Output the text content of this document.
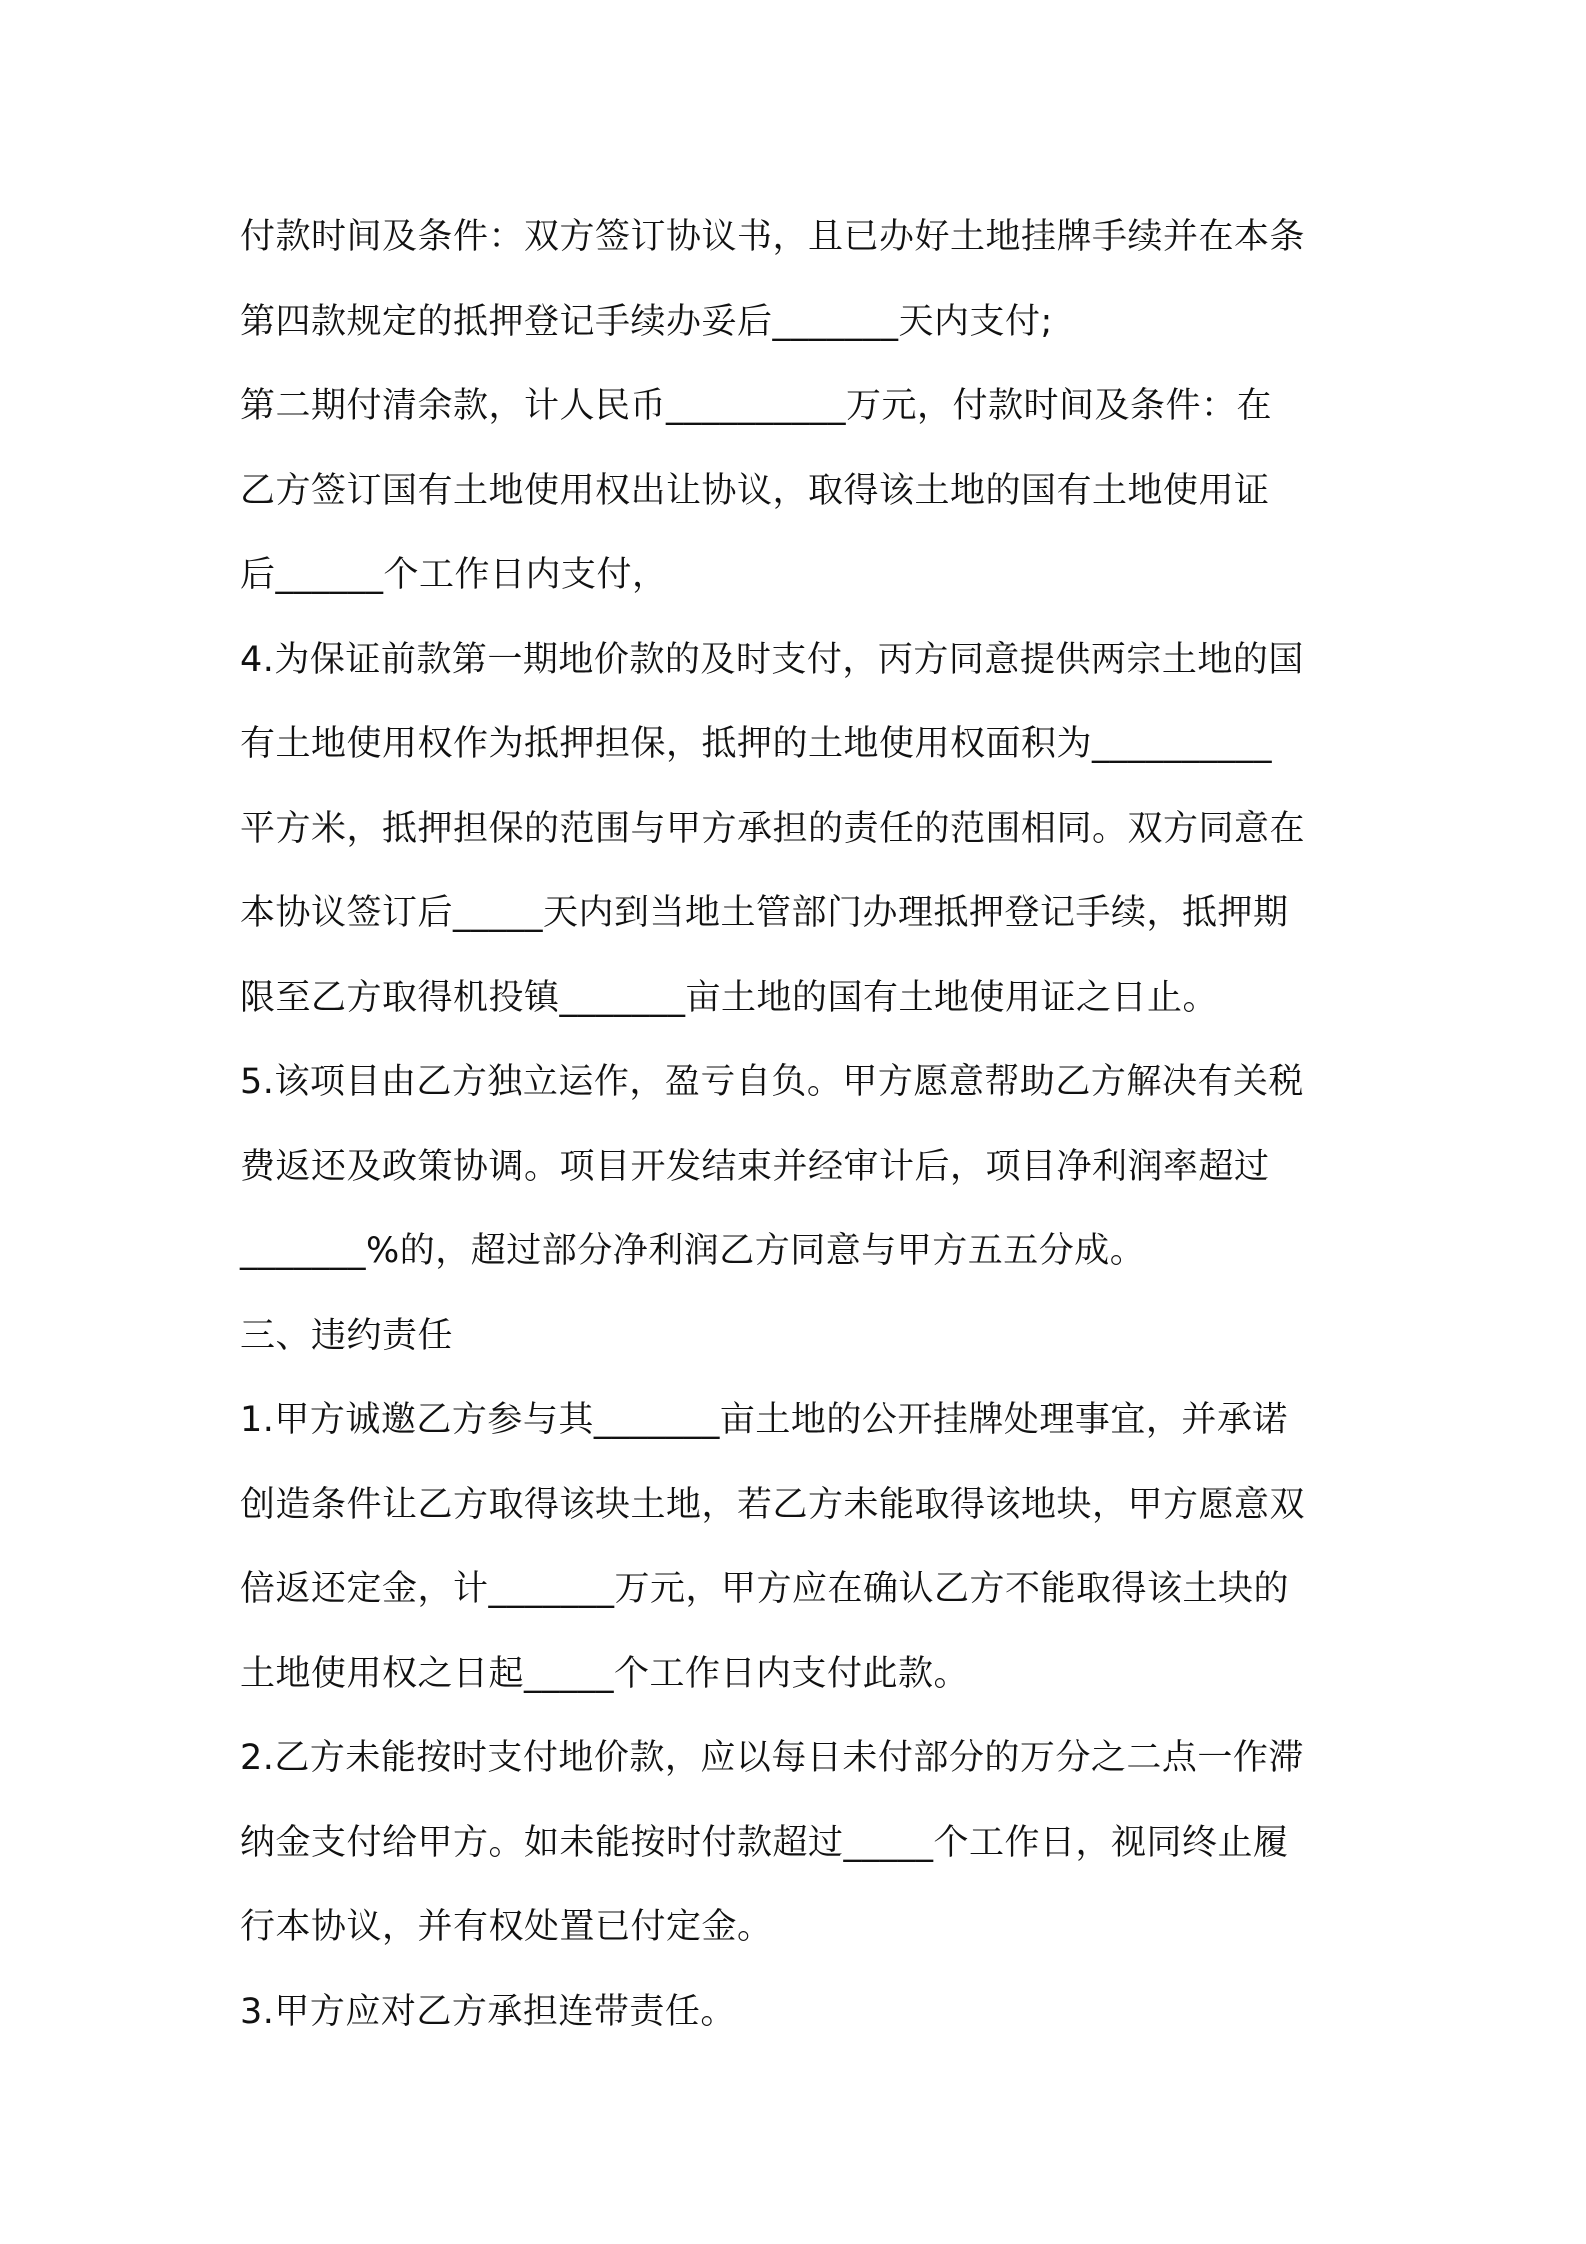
付款时间及条件：双方签订协议书，且已办好土地挂牌手续并在本条
第四款规定的抵押登记手续办妥后_______天内支付;
第二期付清余款，计人民币__________万元，付款时间及条件：在
乙方签订国有土地使用权出让协议，取得该土地的国有土地使用证
后______个工作日内支付，
4.为保证前款第一期地价款的及时支付，丙方同意提供两宗土地的国
有土地使用权作为抵押担保，抵押的土地使用权面积为__________
平方米，抵押担保的范围与甲方承担的责任的范围相同。双方同意在
本协议签订后_____天内到当地土管部门办理抵押登记手续，抵押期
限至乙方取得机投镇_______亩土地的国有土地使用证之日止。
5.该项目由乙方独立运作，盈亏自负。甲方愿意帮助乙方解决有关税
费返还及政策协调。项目开发结束并经审计后，项目净利润率超过
_______%的，超过部分净利润乙方同意与甲方五五分成。
三、违约责任
1.甲方诚邀乙方参与其_______亩土地的公开挂牌处理事宜，并承诺
创造条件让乙方取得该块土地，若乙方未能取得该地块，甲方愿意双
倍返还定金，计_______万元，甲方应在确认乙方不能取得该土块的
土地使用权之日起_____个工作日内支付此款。
2.乙方未能按时支付地价款，应以每日未付部分的万分之二点一作滞
纳金支付给甲方。如未能按时付款超过_____个工作日，视同终止履
行本协议，并有权处置已付定金。
3.甲方应对乙方承担连带责任。
